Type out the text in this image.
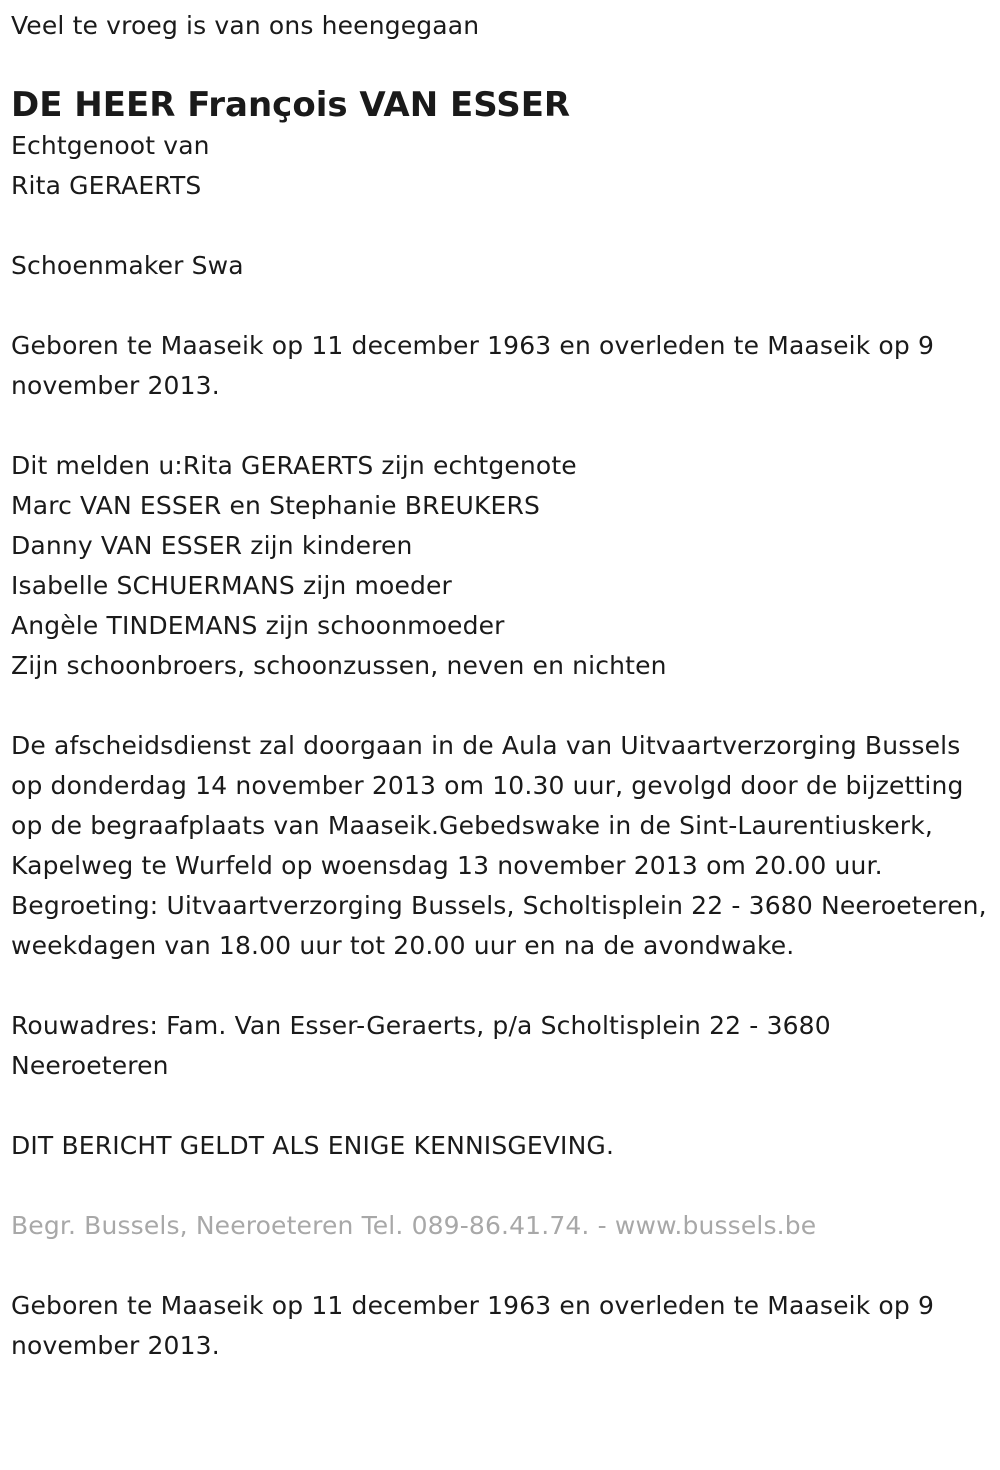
Veel te vroeg is van ons heengegaan
DE HEER François VAN ESSER
Echtgenoot van
Rita GERAERTS
Schoenmaker Swa
Geboren te Maaseik op 11 december 1963 en overleden te Maaseik op 9 november 2013.
Dit melden u:Rita GERAERTS zijn echtgenote
Marc VAN ESSER en Stephanie BREUKERS
Danny VAN ESSER zijn kinderen
Isabelle SCHUERMANS zijn moeder
Angèle TINDEMANS zijn schoonmoeder
Zijn schoonbroers, schoonzussen, neven en nichten
De afscheidsdienst zal doorgaan in de Aula van Uitvaartverzorging Bussels op donderdag 14 november 2013 om 10.30 uur, gevolgd door de bijzetting op de begraafplaats van Maaseik.Gebedswake in de Sint-Laurentiuskerk, Kapelweg te Wurfeld op woensdag 13 november 2013 om 20.00 uur.
Begroeting: Uitvaartverzorging Bussels, Scholtisplein 22 - 3680 Neeroeteren, weekdagen van 18.00 uur tot 20.00 uur en na de avondwake.
Rouwadres: Fam. Van Esser-Geraerts, p/a Scholtisplein 22 - 3680 Neeroeteren
DIT BERICHT GELDT ALS ENIGE KENNISGEVING.
Begr. Bussels, Neeroeteren Tel. 089-86.41.74. - www.bussels.be
Geboren te Maaseik op 11 december 1963 en overleden te Maaseik op 9 november 2013.
